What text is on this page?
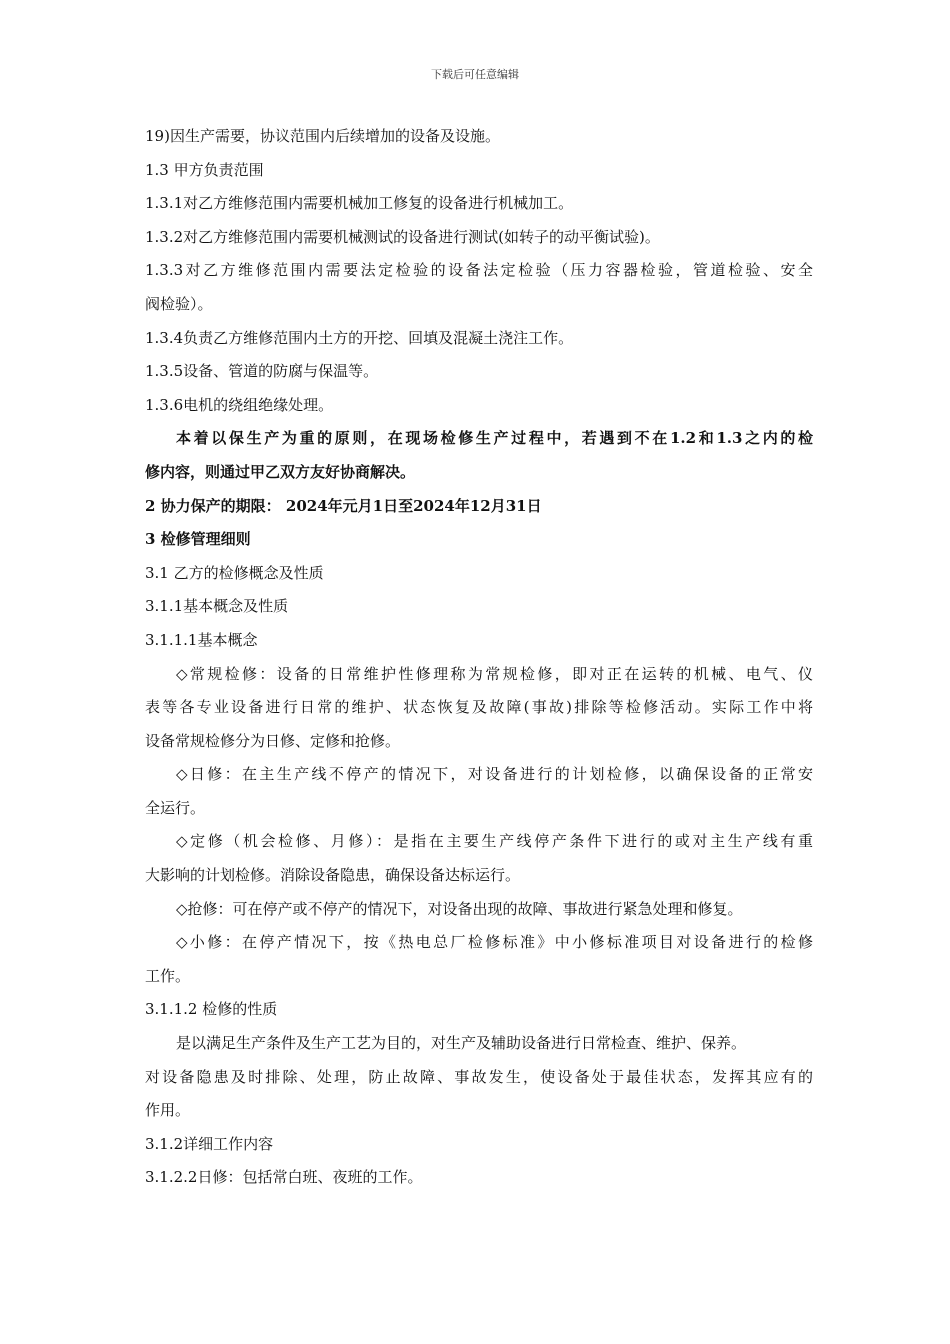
下载后可任意编辑

19)因生产需要，协议范围内后续增加的设备及设施。

1.3 甲方负责范围

1.3.1对乙方维修范围内需要机械加工修复的设备进行机械加工。

1.3.2对乙方维修范围内需要机械测试的设备进行测试(如转子的动平衡试验)。

1.3.3对乙方维修范围内需要法定检验的设备法定检验（压力容器检验，管道检验、安全

阀检验）。

1.3.4负责乙方维修范围内土方的开挖、回填及混凝土浇注工作。

1.3.5设备、管道的防腐与保温等。

1.3.6电机的绕组绝缘处理。

本着以保生产为重的原则，在现场检修生产过程中，若遇到不在1.2和1.3之内的检

修内容，则通过甲乙双方友好协商解决。

2 协力保产的期限： 2024年元月1日至2024年12月31日

3 检修管理细则

3.1 乙方的检修概念及性质

3.1.1基本概念及性质

3.1.1.1基本概念

◇常规检修：设备的日常维护性修理称为常规检修，即对正在运转的机械、电气、仪

表等各专业设备进行日常的维护、状态恢复及故障(事故)排除等检修活动。实际工作中将

设备常规检修分为日修、定修和抢修。

◇日修：在主生产线不停产的情况下，对设备进行的计划检修，以确保设备的正常安

全运行。

◇定修（机会检修、月修）：是指在主要生产线停产条件下进行的或对主生产线有重

大影响的计划检修。消除设备隐患，确保设备达标运行。

◇抢修：可在停产或不停产的情况下，对设备出现的故障、事故进行紧急处理和修复。

◇小修：在停产情况下，按《热电总厂检修标准》中小修标准项目对设备进行的检修

工作。

3.1.1.2 检修的性质

是以满足生产条件及生产工艺为目的，对生产及辅助设备进行日常检查、维护、保养。

对设备隐患及时排除、处理，防止故障、事故发生，使设备处于最佳状态，发挥其应有的

作用。

3.1.2详细工作内容

3.1.2.2日修：包括常白班、夜班的工作。
